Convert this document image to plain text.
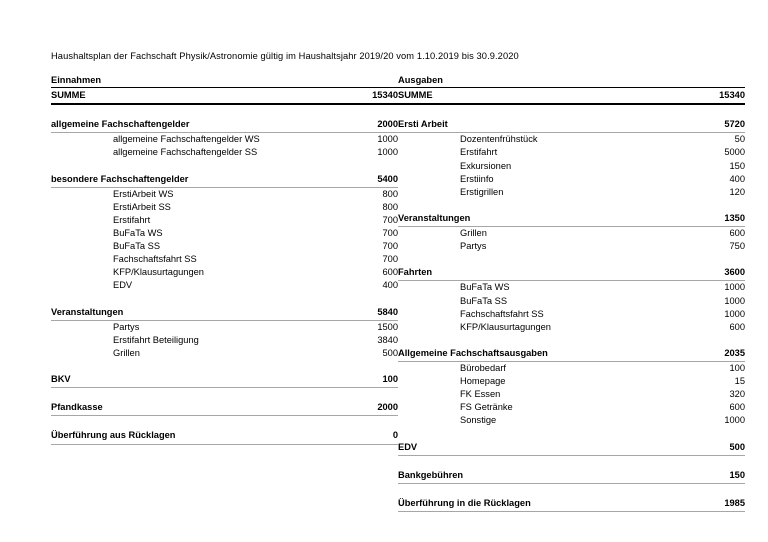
Haushaltsplan der Fachschaft Physik/Astronomie gültig im Haushaltsjahr 2019/20 vom 1.10.2019 bis 30.9.2020

Einnahmen	
SUMME	15340

allgemeine Fachschaftengelder	2000
allgemeine Fachschaftengelder WS	1000
allgemeine Fachschaftengelder SS	1000

besondere Fachschaftengelder	5400
ErstiArbeit WS	800
ErstiArbeit SS	800
Erstifahrt	700
BuFaTa WS	700
BuFaTa SS	700
Fachschaftsfahrt SS	700
KFP/Klausurtagungen	600
EDV	400

Veranstaltungen	5840
Partys	1500
Erstifahrt Beteiligung	3840
Grillen	500

BKV	100

Pfandkasse	2000

Überführung aus Rücklagen	0
Ausgaben	
SUMME	15340

Ersti Arbeit	5720
Dozentenfrühstück	50
Erstifahrt	5000
Exkursionen	150
Erstiinfo	400
Erstigrillen	120

Veranstaltungen	1350
Grillen	600
Partys	750

Fahrten	3600
BuFaTa WS	1000
BuFaTa SS	1000
Fachschaftsfahrt SS	1000
KFP/Klausurtagungen	600

Allgemeine Fachschaftsausgaben	2035
Bürobedarf	100
Homepage	15
FK Essen	320
FS Getränke	600
Sonstige	1000

EDV	500

Bankgebühren	150

Überführung in die Rücklagen	1985
